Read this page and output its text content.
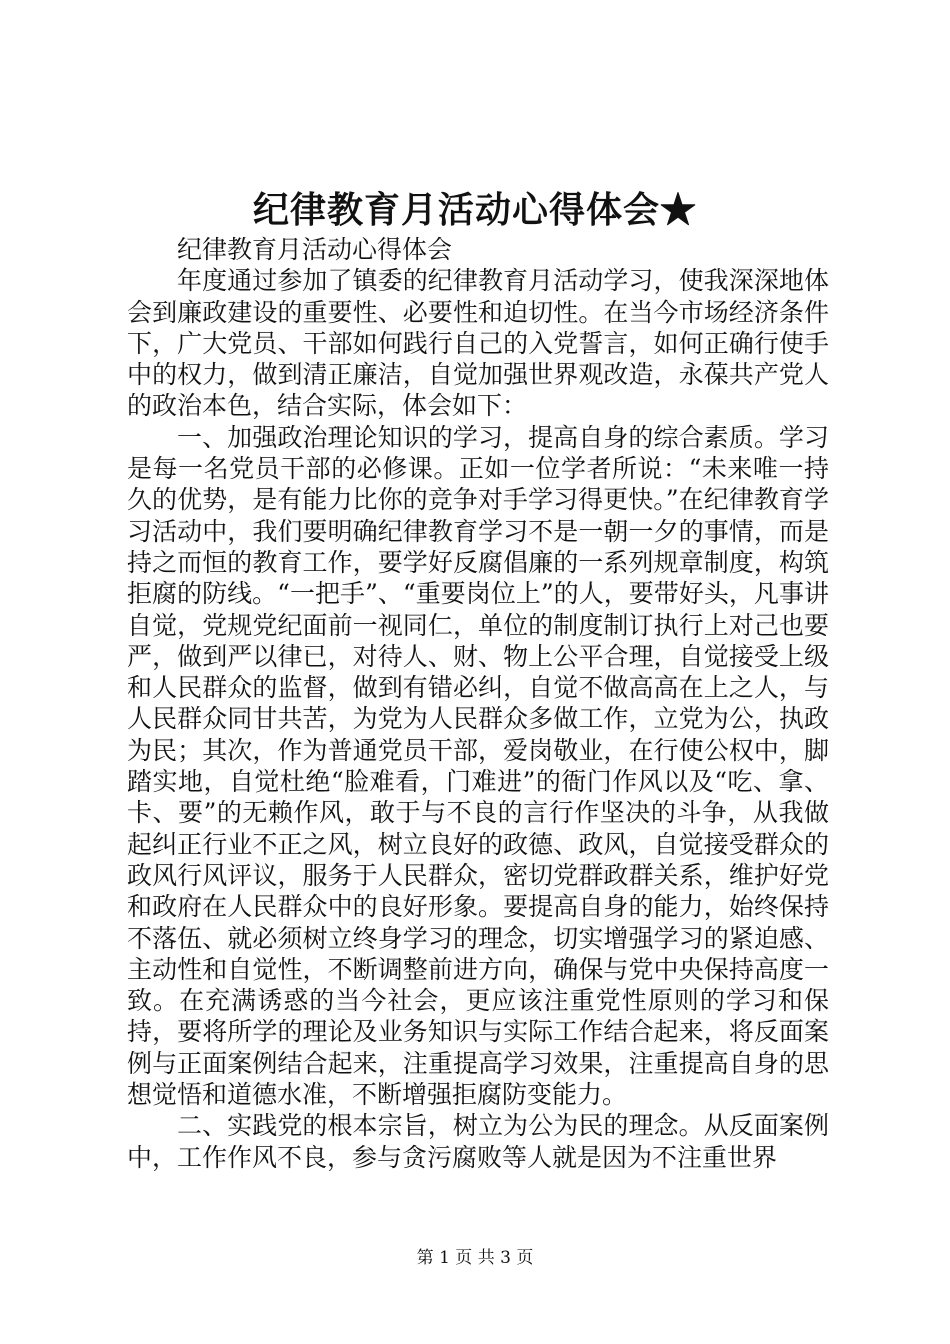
纪律教育月活动心得体会★

纪律教育月活动心得体会

年度通过参加了镇委的纪律教育月活动学习，使我深深地体会到廉政建设的重要性、必要性和迫切性。在当今市场经济条件下，广大党员、干部如何践行自己的入党誓言，如何正确行使手中的权力，做到清正廉洁，自觉加强世界观改造，永葆共产党人的政治本色，结合实际，体会如下：

一、加强政治理论知识的学习，提高自身的综合素质。学习是每一名党员干部的必修课。正如一位学者所说：“未来唯一持久的优势，是有能力比你的竞争对手学习得更快。”在纪律教育学习活动中，我们要明确纪律教育学习不是一朝一夕的事情，而是持之而恒的教育工作，要学好反腐倡廉的一系列规章制度，构筑拒腐的防线。“一把手”、“重要岗位上”的人，要带好头，凡事讲自觉，党规党纪面前一视同仁，单位的制度制订执行上对己也要严，做到严以律已，对待人、财、物上公平合理，自觉接受上级和人民群众的监督，做到有错必纠，自觉不做高高在上之人，与人民群众同甘共苦，为党为人民群众多做工作，立党为公，执政为民；其次，作为普通党员干部，爱岗敬业，在行使公权中，脚踏实地，自觉杜绝“脸难看，门难进”的衙门作风以及“吃、拿、卡、要”的无赖作风，敢于与不良的言行作坚决的斗争，从我做起纠正行业不正之风，树立良好的政德、政风，自觉接受群众的政风行风评议，服务于人民群众，密切党群政群关系，维护好党和政府在人民群众中的良好形象。要提高自身的能力，始终保持不落伍、就必须树立终身学习的理念，切实增强学习的紧迫感、主动性和自觉性，不断调整前进方向，确保与党中央保持高度一致。在充满诱惑的当今社会，更应该注重党性原则的学习和保持，要将所学的理论及业务知识与实际工作结合起来，将反面案例与正面案例结合起来，注重提高学习效果，注重提高自身的思想觉悟和道德水准，不断增强拒腐防变能力。

二、实践党的根本宗旨，树立为公为民的理念。从反面案例中，工作作风不良，参与贪污腐败等人就是因为不注重世界

第 1 页 共 3 页
